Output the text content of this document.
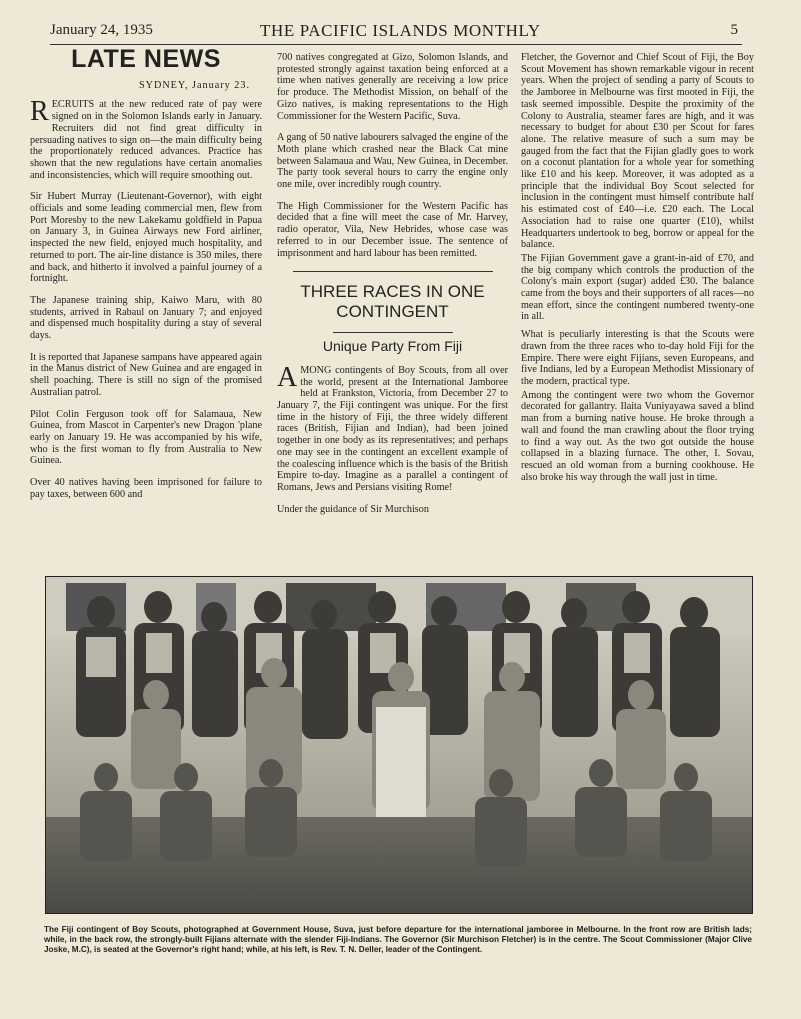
January 24, 1935	THE PACIFIC ISLANDS MONTHLY	5
LATE NEWS
SYDNEY, January 23.

RECRUITS at the new reduced rate of pay were signed on in the Solomon Islands early in January. Recruiters did not find great difficulty in persuading natives to sign on—the main difficulty being the proportionately reduced advances. Practice has shown that the new regulations have certain anomalies and inconsistencies, which will require smoothing out.

Sir Hubert Murray (Lieutenant-Governor), with eight officials and some leading commercial men, flew from Port Moresby to the new Lakekamu goldfield in Papua on January 3, in Guinea Airways new Ford airliner, inspected the new field, enjoyed much hospitality, and returned to port. The air-line distance is 350 miles, there and back, and hitherto it involved a painful journey of a fortnight.

The Japanese training ship, Kaiwo Maru, with 80 students, arrived in Rabaul on January 7; and enjoyed and dispensed much hospitality during a stay of several days.

It is reported that Japanese sampans have appeared again in the Manus district of New Guinea and are engaged in shell poaching. There is still no sign of the promised Australian patrol.

Pilot Colin Ferguson took off for Salamaua, New Guinea, from Mascot in Carpenter's new Dragon 'plane early on January 19. He was accompanied by his wife, who is the first woman to fly from Australia to New Guinea.

Over 40 natives having been imprisoned for failure to pay taxes, between 600 and

700 natives congregated at Gizo, Solomon Islands, and protested strongly against taxation being enforced at a time when natives generally are receiving a low price for produce. The Methodist Mission, on behalf of the Gizo natives, is making representations to the High Commissioner for the Western Pacific, Suva.

A gang of 50 native labourers salvaged the engine of the Moth plane which crashed near the Black Cat mine between Salamaua and Wau, New Guinea, in December. The party took several hours to carry the engine only one mile, over incredibly rough country.

The High Commissioner for the Western Pacific has decided that a fine will meet the case of Mr. Harvey, radio operator, Vila, New Hebrides, whose case was referred to in our December issue. The sentence of imprisonment and hard labour has been remitted.

THREE RACES IN ONE CONTINGENT
Unique Party From Fiji

AMONG contingents of Boy Scouts, from all over the world, present at the International Jamboree held at Frankston, Victoria, from December 27 to January 7, the Fiji contingent was unique. For the first time in the history of Fiji, the three widely different races (British, Fijian and Indian), had been joined together in one body as its representatives; and perhaps one may see in the contingent an excellent example of the coalescing influence which is the basis of the British Empire to-day. Imagine as a parallel a contingent of Romans, Jews and Persians visiting Rome!

Under the guidance of Sir Murchison

Fletcher, the Governor and Chief Scout of Fiji, the Boy Scout Movement has shown remarkable vigour in recent years. When the project of sending a party of Scouts to the Jamboree in Melbourne was first mooted in Fiji, the task seemed impossible. Despite the proximity of the Colony to Australia, steamer fares are high, and it was necessary to budget for about £30 per Scout for fares alone. The relative measure of such a sum may be gauged from the fact that the Fijian gladly goes to work on a coconut plantation for a whole year for something like £10 and his keep. Moreover, it was adopted as a principle that the individual Boy Scout selected for inclusion in the contingent must himself contribute half his estimated cost of £40—i.e. £20 each. The Local Association had to raise one quarter (£10), whilst Headquarters undertook to beg, borrow or appeal for the balance.

The Fijian Government gave a grant-in-aid of £70, and the big company which controls the production of the Colony's main export (sugar) added £30. The balance came from the boys and their supporters of all races—no mean effort, since the contingent numbered twenty-one in all.

What is peculiarly interesting is that the Scouts were drawn from the three races who to-day hold Fiji for the Empire. There were eight Fijians, seven Europeans, and five Indians, led by a European Methodist Missionary of the modern, practical type.

Among the contingent were two whom the Governor decorated for gallantry. Ilaita Vuniyayawa saved a blind man from a burning native house. He broke through a wall and found the man crawling about the floor trying to find a way out. As the two got outside the house collapsed in a blazing furnace. The other, I. Sovau, rescued an old woman from a burning cookhouse. He also broke his way through the wall just in time.

The Fiji contingent of Boy Scouts, photographed at Government House, Suva, just before departure for the international jamboree in Melbourne. In the front row are British lads; while, in the back row, the strongly-built Fijians alternate with the slender Fiji-Indians. The Governor (Sir Murchison Fletcher) is in the centre. The Scout Commissioner (Major Clive Joske, M.C), is seated at the Governor's right hand; while, at his left, is Rev. T. N. Deller, leader of the Contingent.
